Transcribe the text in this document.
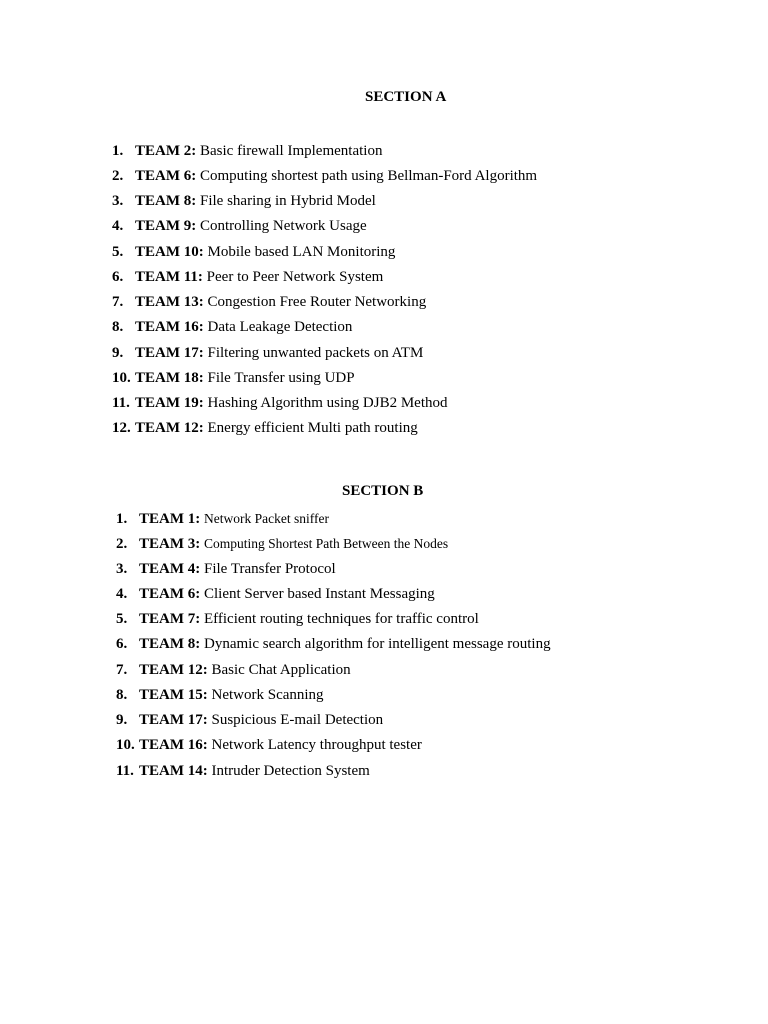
SECTION A
1. TEAM 2: Basic firewall Implementation
2. TEAM 6: Computing shortest path using Bellman-Ford Algorithm
3. TEAM 8: File sharing in Hybrid Model
4. TEAM 9: Controlling Network Usage
5. TEAM 10: Mobile based LAN Monitoring
6. TEAM 11: Peer to Peer Network System
7. TEAM 13: Congestion Free Router Networking
8. TEAM 16: Data Leakage Detection
9. TEAM 17: Filtering unwanted packets on ATM
10. TEAM 18: File Transfer using UDP
11. TEAM 19: Hashing Algorithm using DJB2 Method
12. TEAM 12: Energy efficient Multi path routing
SECTION B
1. TEAM 1: Network Packet sniffer
2. TEAM 3: Computing Shortest Path Between the Nodes
3. TEAM 4: File Transfer Protocol
4. TEAM 6: Client Server based Instant Messaging
5. TEAM 7: Efficient routing techniques for traffic control
6. TEAM 8: Dynamic search algorithm for intelligent message routing
7. TEAM 12: Basic Chat Application
8. TEAM 15: Network Scanning
9. TEAM 17: Suspicious E-mail Detection
10. TEAM 16: Network Latency throughput tester
11. TEAM 14: Intruder Detection System
